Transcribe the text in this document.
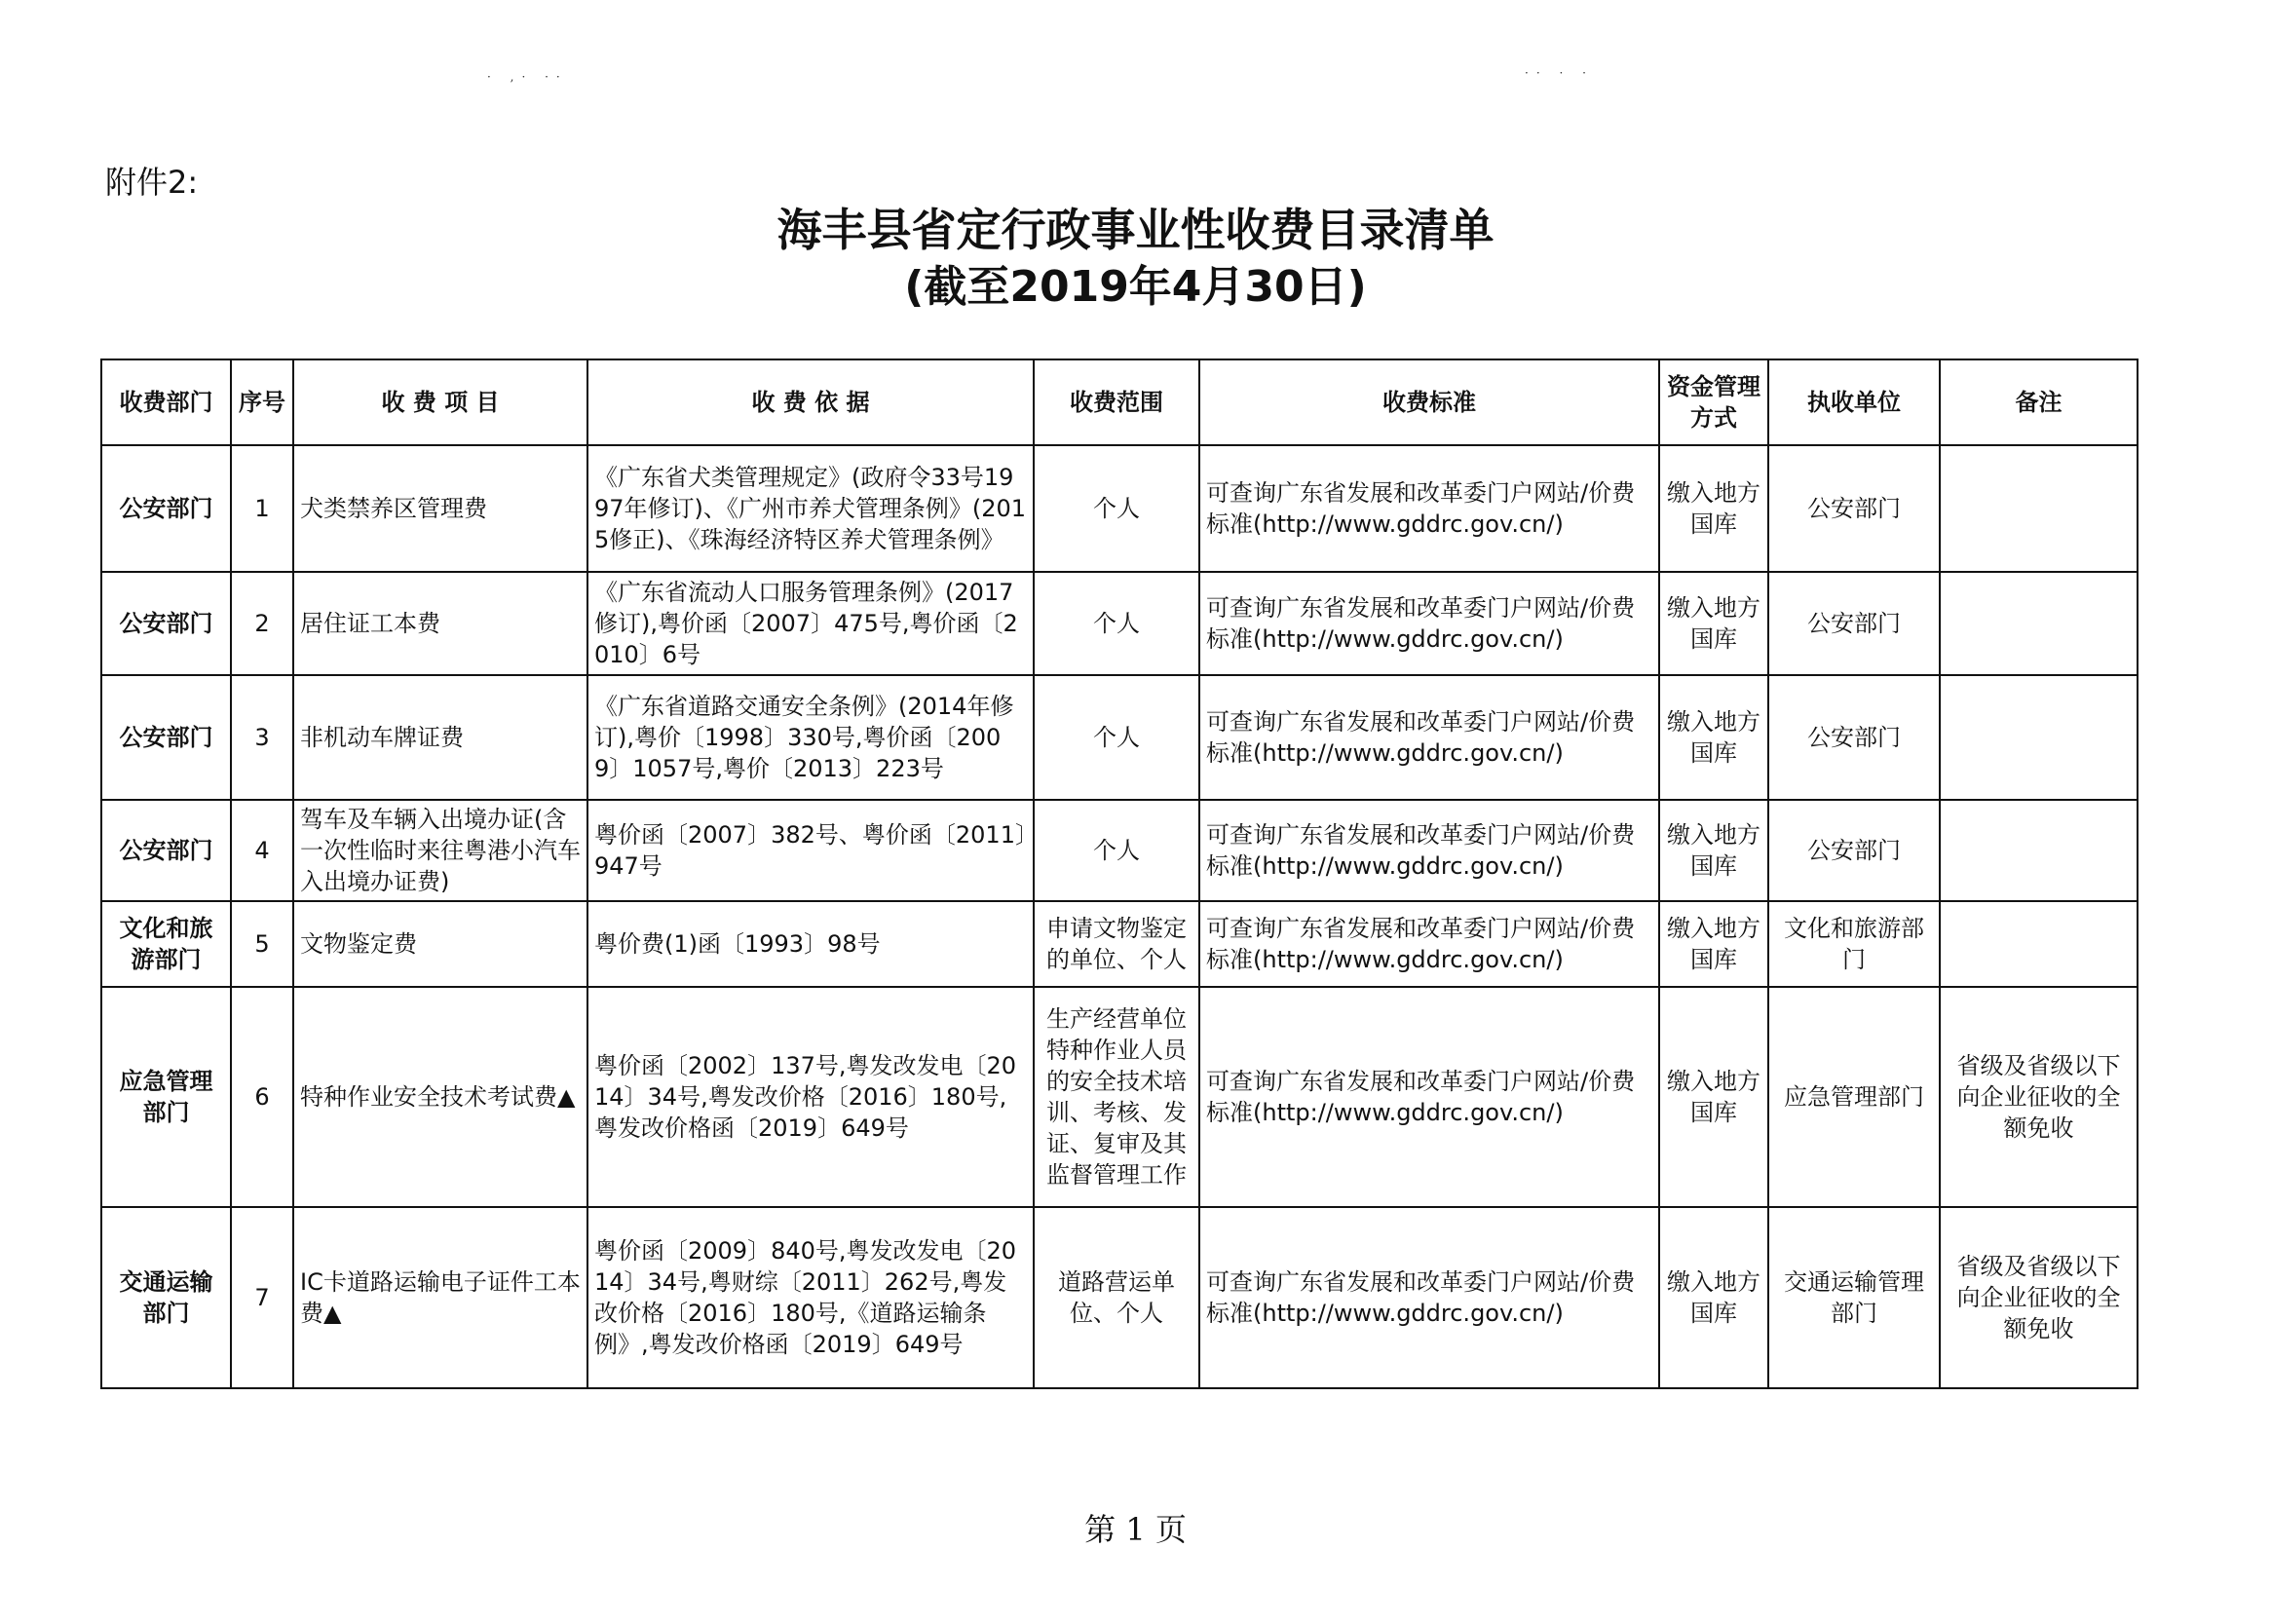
· ,· ··	·· · ·
附件2:
海丰县省定行政事业性收费目录清单
(截至2019年4月30日)
收费部门	序号	收 费 项 目	收 费 依 据	收费范围	收费标准	资金管理方式	执收单位	备注
公安部门	1	犬类禁养区管理费	《广东省犬类管理规定》(政府令33号1997年修订)、《广州市养犬管理条例》(2015修正)、《珠海经济特区养犬管理条例》	个人	可查询广东省发展和改革委门户网站/价费标准(http://www.gddrc.gov.cn/)	缴入地方国库	公安部门	
公安部门	2	居住证工本费	《广东省流动人口服务管理条例》(2017修订),粤价函〔2007〕475号,粤价函〔2010〕6号	个人	可查询广东省发展和改革委门户网站/价费标准(http://www.gddrc.gov.cn/)	缴入地方国库	公安部门	
公安部门	3	非机动车牌证费	《广东省道路交通安全条例》(2014年修订),粤价〔1998〕330号,粤价函〔2009〕1057号,粤价〔2013〕223号	个人	可查询广东省发展和改革委门户网站/价费标准(http://www.gddrc.gov.cn/)	缴入地方国库	公安部门	
公安部门	4	驾车及车辆入出境办证(含一次性临时来往粤港小汽车入出境办证费)	粤价函〔2007〕382号、粤价函〔2011〕947号	个人	可查询广东省发展和改革委门户网站/价费标准(http://www.gddrc.gov.cn/)	缴入地方国库	公安部门	
文化和旅游部门	5	文物鉴定费	粤价费(1)函〔1993〕98号	申请文物鉴定的单位、个人	可查询广东省发展和改革委门户网站/价费标准(http://www.gddrc.gov.cn/)	缴入地方国库	文化和旅游部门	
应急管理部门	6	特种作业安全技术考试费▲	粤价函〔2002〕137号,粤发改发电〔2014〕34号,粤发改价格〔2016〕180号,粤发改价格函〔2019〕649号	生产经营单位特种作业人员的安全技术培训、考核、发证、复审及其监督管理工作	可查询广东省发展和改革委门户网站/价费标准(http://www.gddrc.gov.cn/)	缴入地方国库	应急管理部门	省级及省级以下向企业征收的全额免收
交通运输部门	7	IC卡道路运输电子证件工本费▲	粤价函〔2009〕840号,粤发改发电〔2014〕34号,粤财综〔2011〕262号,粤发改价格〔2016〕180号,《道路运输条例》,粤发改价格函〔2019〕649号	道路营运单位、个人	可查询广东省发展和改革委门户网站/价费标准(http://www.gddrc.gov.cn/)	缴入地方国库	交通运输管理部门	省级及省级以下向企业征收的全额免收
第 1 页
